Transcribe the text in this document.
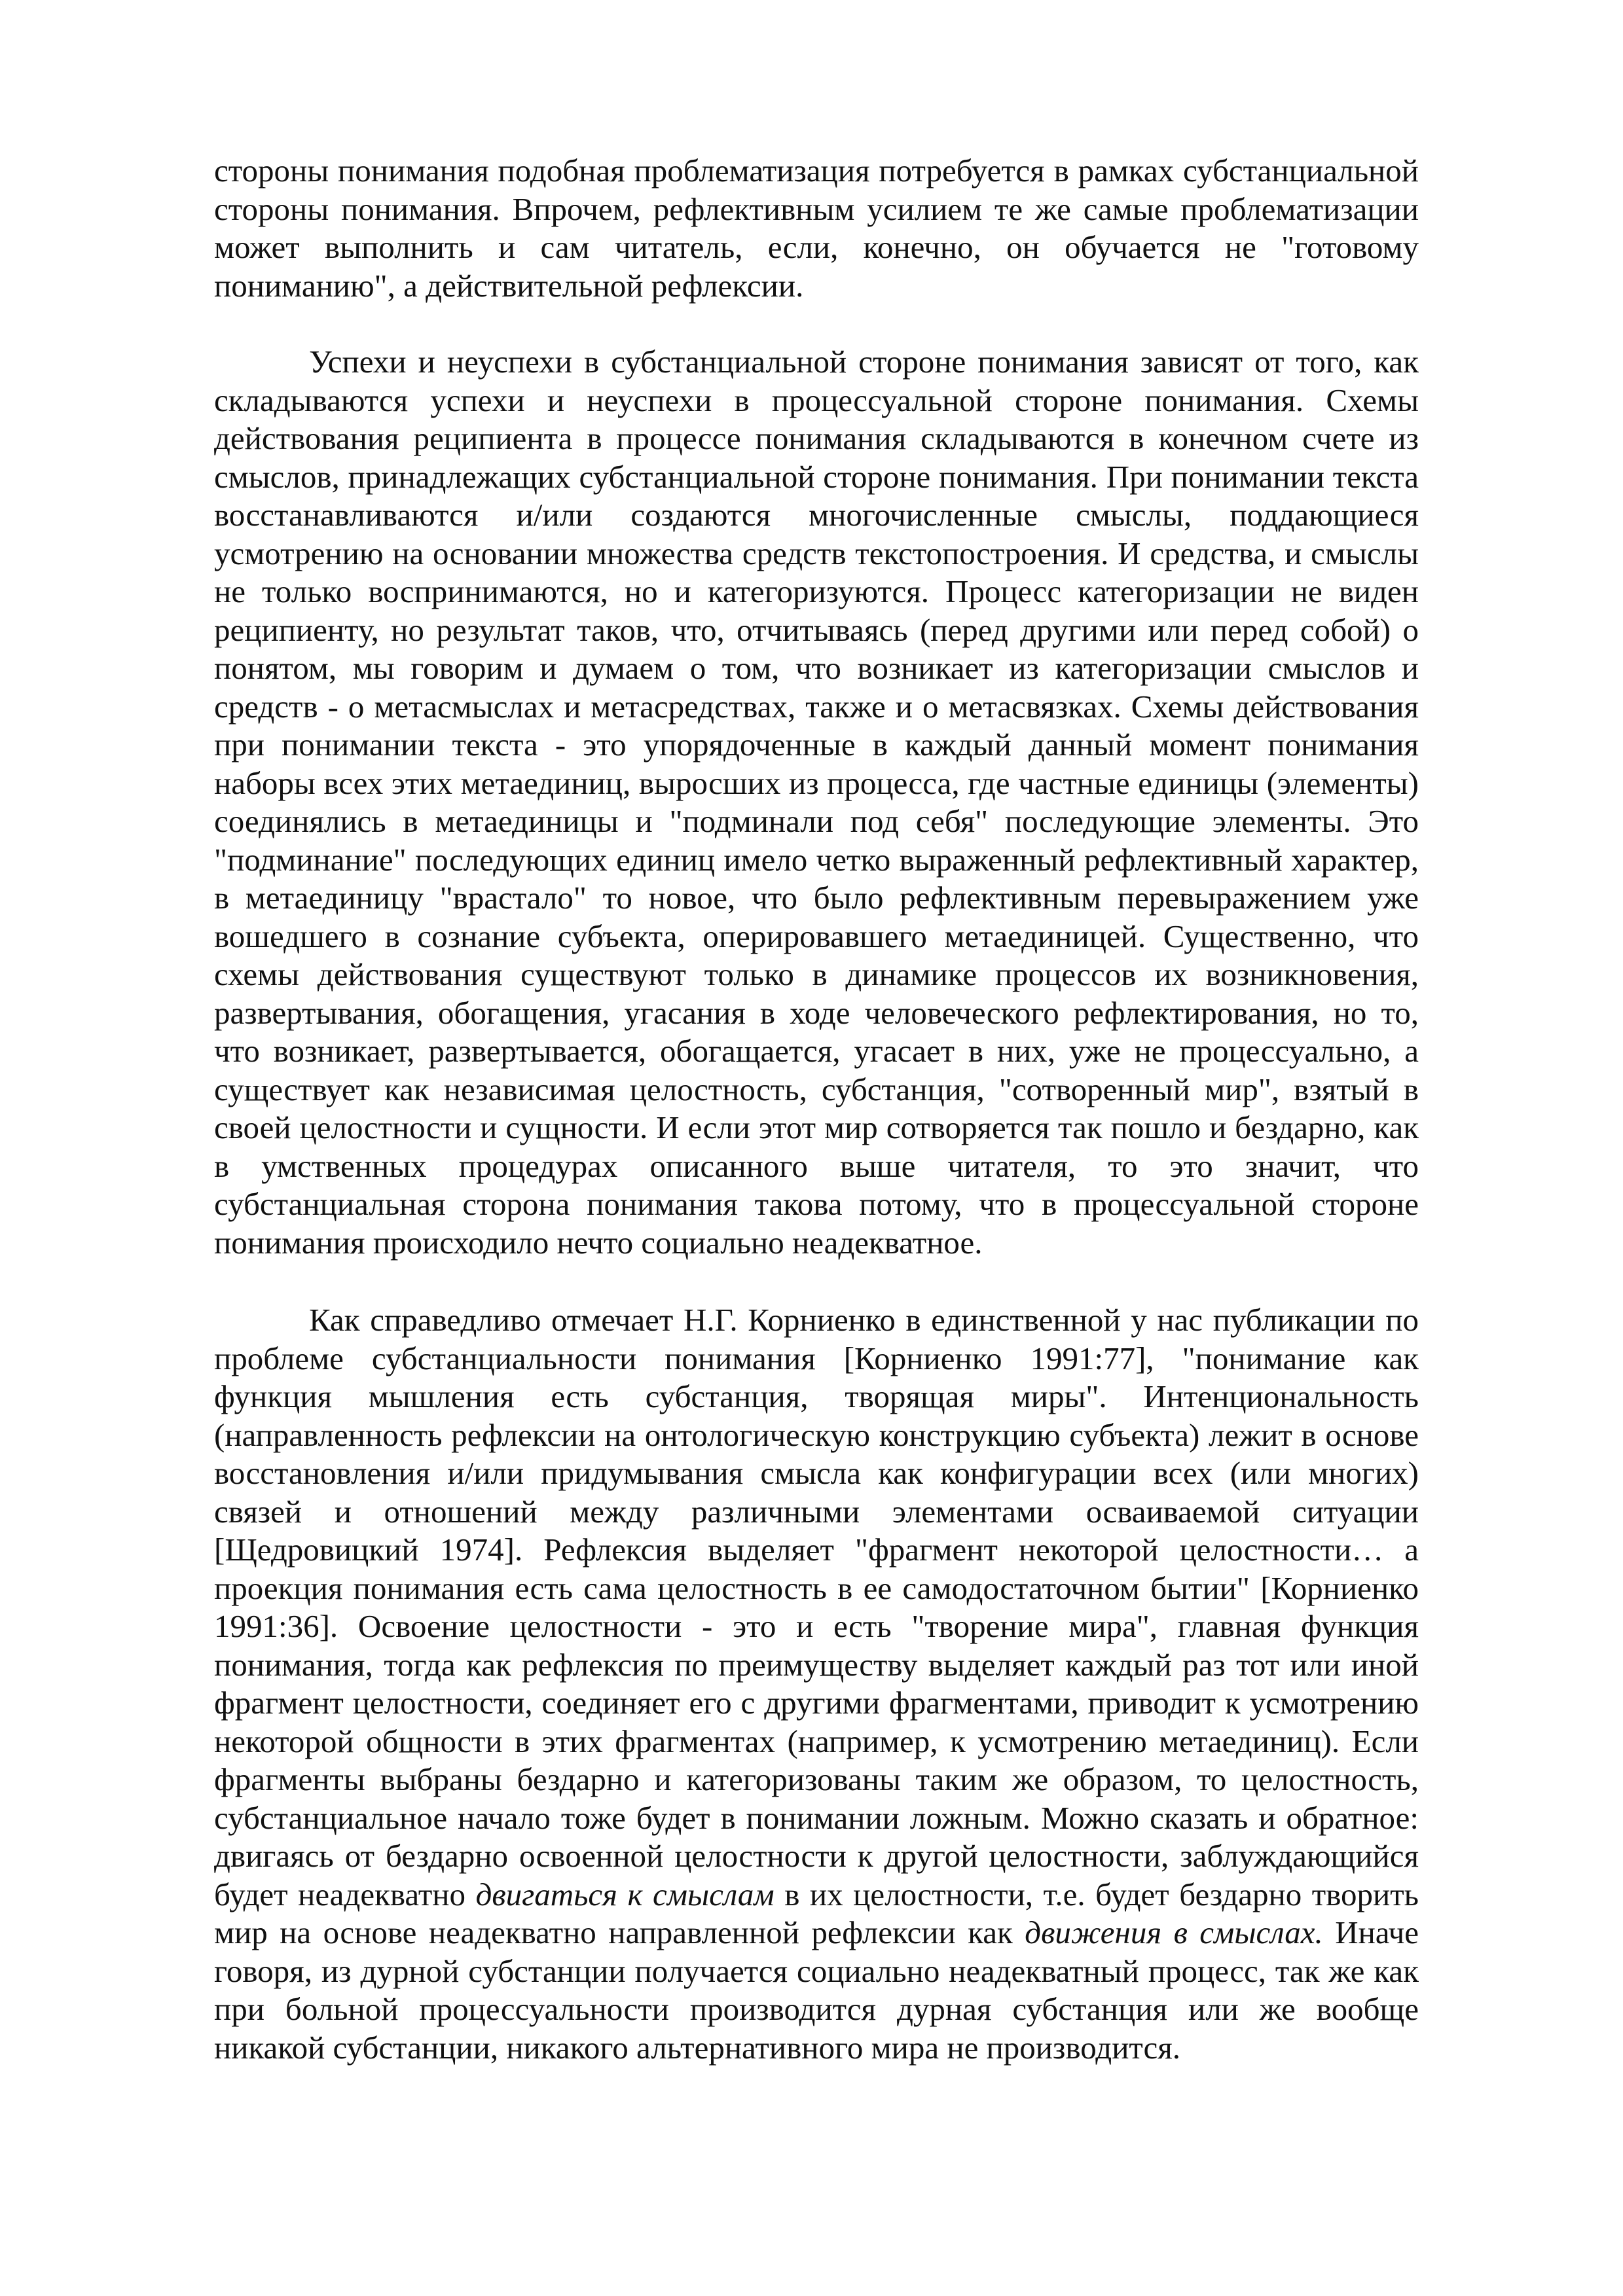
стороны понимания подобная проблематизация потребуется в рамках субстанциальной стороны понимания. Впрочем, рефлективным усилием те же самые проблематизации может выполнить и сам читатель, если, конечно, он обучается не "готовому пониманию", а действительной рефлексии.

Успехи и неуспехи в субстанциальной стороне понимания зависят от того, как складываются успехи и неуспехи в процессуальной стороне понимания. Схемы действования реципиента в процессе понимания складываются в конечном счете из смыслов, принадлежащих субстанциальной стороне понимания. При понимании текста восстанавливаются и/или создаются многочисленные смыслы, поддающиеся усмотрению на основании множества средств текстопостроения. И средства, и смыслы не только воспринимаются, но и категоризуются. Процесс категоризации не виден реципиенту, но результат таков, что, отчитываясь (перед другими или перед собой) о понятом, мы говорим и думаем о том, что возникает из категоризации смыслов и средств - о метасмыслах и метасредствах, также и о метасвязках. Схемы действования при понимании текста - это упорядоченные в каждый данный момент понимания наборы всех этих метаединиц, выросших из процесса, где частные единицы (элементы) соединялись в метаединицы и "подминали под себя" последующие элементы. Это "подминание" последующих единиц имело четко выраженный рефлективный характер, в метаединицу "врастало" то новое, что было рефлективным перевыражением уже вошедшего в сознание субъекта, оперировавшего метаединицей. Существенно, что схемы действования существуют только в динамике процессов их возникновения, развертывания, обогащения, угасания в ходе человеческого рефлектирования, но то, что возникает, развертывается, обогащается, угасает в них, уже не процессуально, а существует как независимая целостность, субстанция, "сотворенный мир", взятый в своей целостности и сущности. И если этот мир сотворяется так пошло и бездарно, как в умственных процедурах описанного выше читателя, то это значит, что субстанциальная сторона понимания такова потому, что в процессуальной стороне понимания происходило нечто социально неадекватное.

Как справедливо отмечает Н.Г. Корниенко в единственной у нас публикации по проблеме субстанциальности понимания [Корниенко 1991:77], "понимание как функция мышления есть субстанция, творящая миры". Интенциональность (направленность рефлексии на онтологическую конструкцию субъекта) лежит в основе восстановления и/или придумывания смысла как конфигурации всех (или многих) связей и отношений между различными элементами осваиваемой ситуации [Щедровицкий 1974]. Рефлексия выделяет "фрагмент некоторой целостности… а проекция понимания есть сама целостность в ее самодостаточном бытии" [Корниенко 1991:36]. Освоение целостности - это и есть "творение мира", главная функция понимания, тогда как рефлексия по преимуществу выделяет каждый раз тот или иной фрагмент целостности, соединяет его с другими фрагментами, приводит к усмотрению некоторой общности в этих фрагментах (например, к усмотрению метаединиц). Если фрагменты выбраны бездарно и категоризованы таким же образом, то целостность, субстанциальное начало тоже будет в понимании ложным. Можно сказать и обратное: двигаясь от бездарно освоенной целостности к другой целостности, заблуждающийся будет неадекватно двигаться к смыслам в их целостности, т.е. будет бездарно творить мир на основе неадекватно направленной рефлексии как движения в смыслах. Иначе говоря, из дурной субстанции получается социально неадекватный процесс, так же как при больной процессуальности производится дурная субстанция или же вообще никакой субстанции, никакого альтернативного мира не производится.
